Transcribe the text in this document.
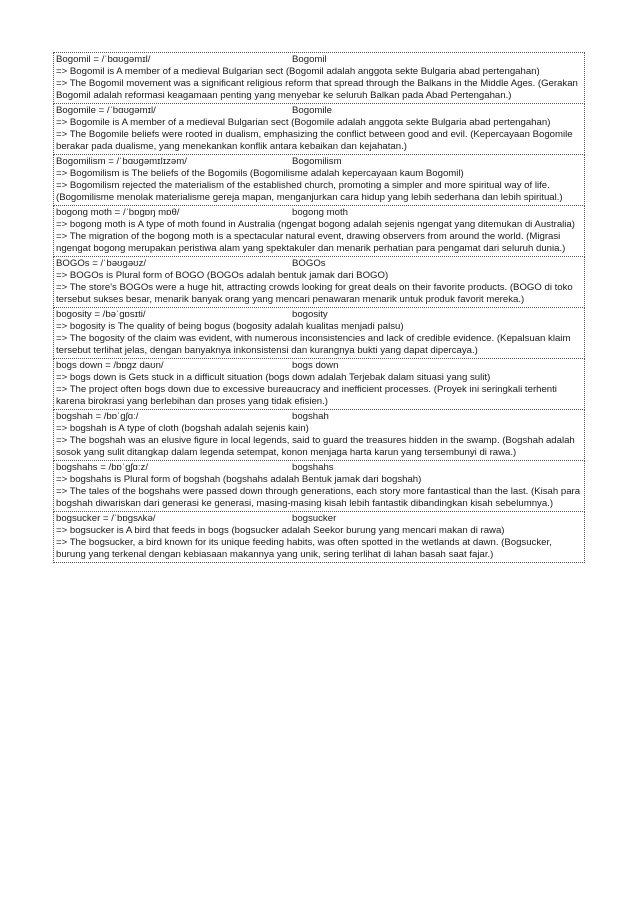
Bogomil = /ˈbɑʊɡəmɪl/	Bogomil
=> Bogomil is A member of a medieval Bulgarian sect (Bogomil adalah anggota sekte Bulgaria abad pertengahan)
=> The Bogomil movement was a significant religious reform that spread through the Balkans in the Middle Ages. (Gerakan Bogomil adalah reformasi keagamaan penting yang menyebar ke seluruh Balkan pada Abad Pertengahan.)
Bogomile = /ˈbɑʊɡəmɪl/	Bogomile
=> Bogomile is A member of a medieval Bulgarian sect (Bogomile adalah anggota sekte Bulgaria abad pertengahan)
=> The Bogomile beliefs were rooted in dualism, emphasizing the conflict between good and evil. (Kepercayaan Bogomile berakar pada dualisme, yang menekankan konflik antara kebaikan dan kejahatan.)
Bogomilism = /ˈbɑʊɡəmɪlɪzəm/	Bogomilism
=> Bogomilism is The beliefs of the Bogomils (Bogomilisme adalah kepercayaan kaum Bogomil)
=> Bogomilism rejected the materialism of the established church, promoting a simpler and more spiritual way of life. (Bogomilisme menolak materialisme gereja mapan, menganjurkan cara hidup yang lebih sederhana dan lebih spiritual.)
bogong moth = /ˈbɒɡɒŋ mɒθ/	bogong moth
=> bogong moth is A type of moth found in Australia (ngengat bogong adalah sejenis ngengat yang ditemukan di Australia)
=> The migration of the bogong moth is a spectacular natural event, drawing observers from around the world. (Migrasi ngengat bogong merupakan peristiwa alam yang spektakuler dan menarik perhatian para pengamat dari seluruh dunia.)
BOGOs = /ˈbəʊɡəʊz/	BOGOs
=> BOGOs is Plural form of BOGO (BOGOs adalah bentuk jamak dari BOGO)
=> The store's BOGOs were a huge hit, attracting crowds looking for great deals on their favorite products. (BOGO di toko tersebut sukses besar, menarik banyak orang yang mencari penawaran menarik untuk produk favorit mereka.)
bogosity = /bəˈɡɒsɪti/	bogosity
=> bogosity is The quality of being bogus (bogosity adalah kualitas menjadi palsu)
=> The bogosity of the claim was evident, with numerous inconsistencies and lack of credible evidence. (Kepalsuan klaim tersebut terlihat jelas, dengan banyaknya inkonsistensi dan kurangnya bukti yang dapat dipercaya.)
bogs down = /bɒɡz daʊn/	bogs down
=> bogs down is Gets stuck in a difficult situation (bogs down adalah Terjebak dalam situasi yang sulit)
=> The project often bogs down due to excessive bureaucracy and inefficient processes. (Proyek ini seringkali terhenti karena birokrasi yang berlebihan dan proses yang tidak efisien.)
bogshah = /bɒˈɡʃɑː/	bogshah
=> bogshah is A type of cloth (bogshah adalah sejenis kain)
=> The bogshah was an elusive figure in local legends, said to guard the treasures hidden in the swamp. (Bogshah adalah sosok yang sulit ditangkap dalam legenda setempat, konon menjaga harta karun yang tersembunyi di rawa.)
bogshahs = /bɒˈɡʃɑːz/	bogshahs
=> bogshahs is Plural form of bogshah (bogshahs adalah Bentuk jamak dari bogshah)
=> The tales of the bogshahs were passed down through generations, each story more fantastical than the last. (Kisah para bogshah diwariskan dari generasi ke generasi, masing-masing kisah lebih fantastik dibandingkan kisah sebelumnya.)
bogsucker = /ˈbɒɡsʌkə/	bogsucker
=> bogsucker is A bird that feeds in bogs (bogsucker adalah Seekor burung yang mencari makan di rawa)
=> The bogsucker, a bird known for its unique feeding habits, was often spotted in the wetlands at dawn. (Bogsucker, burung yang terkenal dengan kebiasaan makannya yang unik, sering terlihat di lahan basah saat fajar.)
